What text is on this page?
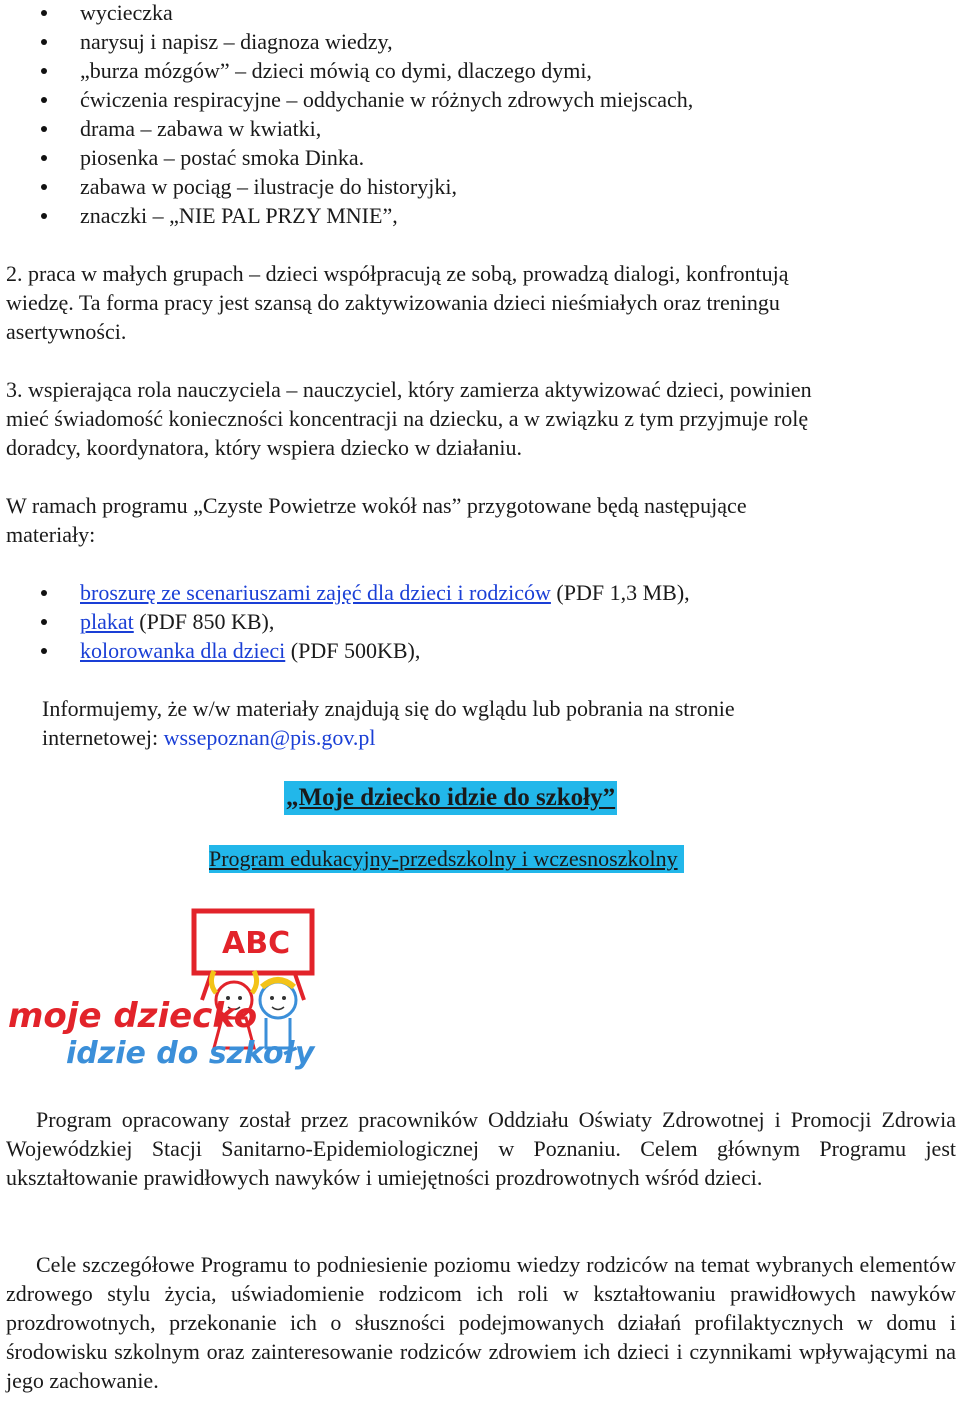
wycieczka
narysuj i napisz – diagnoza wiedzy,
„burza mózgów” – dzieci mówią co dymi, dlaczego dymi,
ćwiczenia respiracyjne – oddychanie w różnych zdrowych miejscach,
drama – zabawa w kwiatki,
piosenka – postać smoka Dinka.
zabawa w pociąg – ilustracje do historyjki,
znaczki – „NIE PAL PRZY MNIE”,
2. praca w małych grupach – dzieci współpracują ze sobą, prowadzą dialogi, konfrontują
wiedzę. Ta forma pracy jest szansą do zaktywizowania dzieci nieśmiałych oraz treningu
asertywności.
3. wspierająca rola nauczyciela – nauczyciel, który zamierza aktywizować dzieci, powinien
mieć świadomość konieczności koncentracji na dziecku, a w związku z tym przyjmuje rolę
doradcy, koordynatora, który wspiera dziecko w działaniu.
W ramach programu „Czyste Powietrze wokół nas” przygotowane będą następujące
materiały:
broszurę ze scenariuszami zajęć dla dzieci i rodziców (PDF 1,3 MB),
plakat (PDF 850 KB),
kolorowanka dla dzieci (PDF 500KB),
Informujemy, że w/w materiały znajdują się do wglądu lub pobrania na stronie
internetowej: wssepoznan@pis.gov.pl
„Moje dziecko idzie do szkoły”
Program edukacyjny-przedszkolny i wczesnoszkolny
ABC
moje dziecko
idzie do szkoły
Program opracowany został przez pracowników Oddziału Oświaty Zdrowotnej i Promocji Zdrowia Wojewódzkiej Stacji Sanitarno-Epidemiologicznej w Poznaniu. Celem głównym Programu jest ukształtowanie prawidłowych nawyków i umiejętności prozdrowotnych wśród dzieci.
Cele szczegółowe Programu to podniesienie poziomu wiedzy rodziców na temat wybranych elementów zdrowego stylu życia, uświadomienie rodzicom ich roli w kształtowaniu prawidłowych nawyków prozdrowotnych, przekonanie ich o słuszności podejmowanych działań profilaktycznych w domu i środowisku szkolnym oraz zainteresowanie rodziców zdrowiem ich dzieci i czynnikami wpływającymi na jego zachowanie.
